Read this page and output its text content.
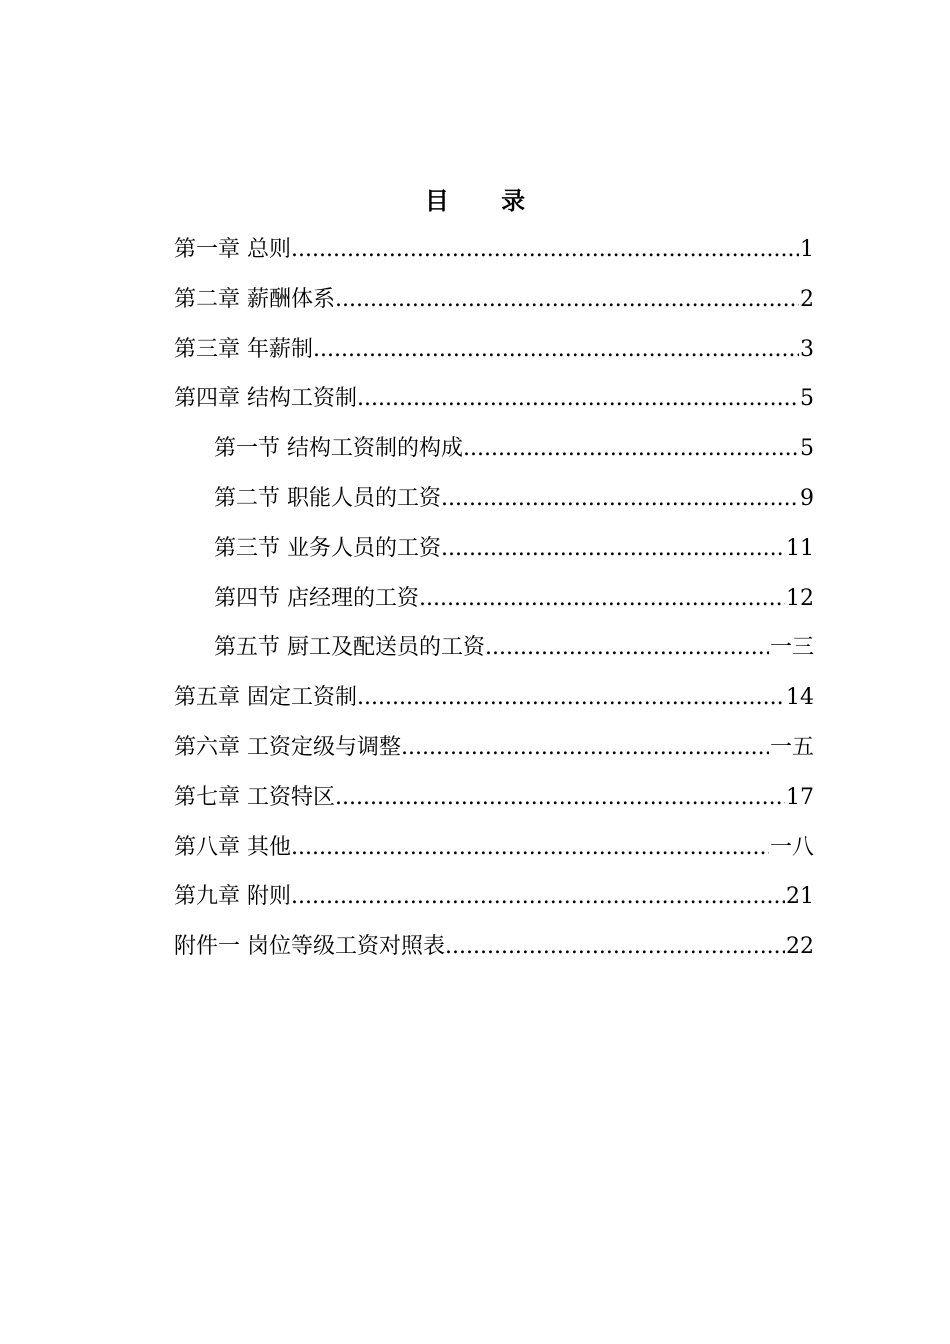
目 录
第一章 总则 .....	1
第二章 薪酬体系 .....	2
第三章 年薪制 .....	3
第四章 结构工资制 .....	5
第一节 结构工资制的构成 .....	5
第二节 职能人员的工资 .....	9
第三节 业务人员的工资 .....	11
第四节 店经理的工资 .....	12
第五节 厨工及配送员的工资 .....	一三
第五章 固定工资制 .....	14
第六章 工资定级与调整 .....	一五
第七章 工资特区 .....	17
第八章 其他 .....	一八
第九章 附则 .....	21
附件一 岗位等级工资对照表 .....	22
